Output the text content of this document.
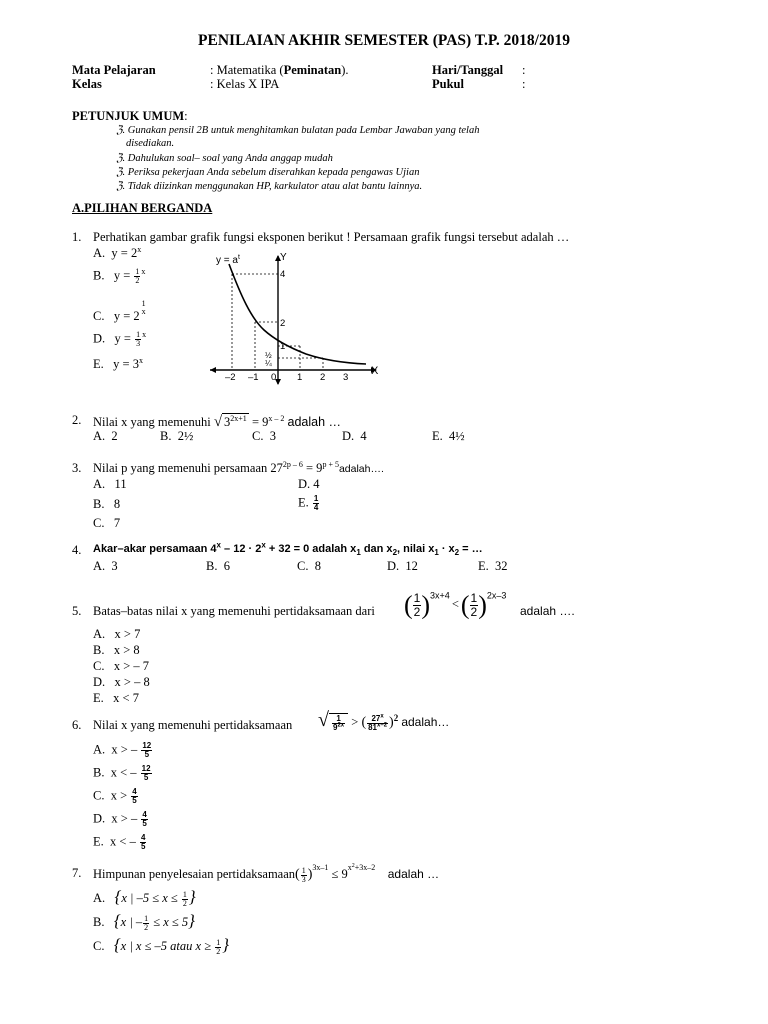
PENILAIAN AKHIR SEMESTER (PAS) T.P. 2018/2019
Mata Pelajaran	: Matematika (Peminatan).	Hari/Tanggal :
Kelas	: Kelas X IPA	Pukul	:
PETUNJUK UMUM:
ℨ. Gunakan pensil 2B untuk menghitamkan bulatan pada Lembar Jawaban yang telah
disediakan.
ℨ. Dahulukan soal– soal yang Anda anggap mudah
ℨ. Periksa pekerjaan Anda sebelum diserahkan kepada pengawas Ujian
ℨ. Tidak diizinkan menggunakan HP, karkulator atau alat bantu lainnya.
A.PILIHAN BERGANDA
1. Perhatikan gambar grafik fungsi eksponen berikut ! Persamaan grafik fungsi tersebut adalah …
A. $y = 2^x$
B. $y = \frac{1}{2} ^x$
C. y = 2
1
x
D. $y = \frac{1}{3} ^x$
E. $y = 3^x$
$y = a^t$	Y
X
4
2
1
½
¼
–2 –1 0 1 2 3
2. Nilai x yang memenuhi √ $3^{2x+1} = 9^{x - 2}$ adalah …
A. 2	B. 2½	C. 3	D. 4	E. 4½
3. Nilai p yang memenuhi persamaan $27^{2p - 6}$ = $9^{p + 5}adalah\dots$.
A. 11
B. 8
C. 7
D. 4
E. $\frac{1}{4}$
4. Akar–akar persamaan $4^x - 12 \cdot 2^x + 32 = 0$ adalah $x_1$ dan $x_2$, nilai $x_1 \cdot x_2$ = …
A. 3	B. 6	C. 8	D. 12	E. 32
5. Batas–batas nilai x yang memenuhi pertidaksamaan dari ( $\frac{1}{2} )^{3x+4}<( \frac{1}{2} )^{2x-3}$
adalah ….
A. x > 7
B. x > 8
C. x > – 7
D. x > – 8
E. x < 7
6. Nilai x yang memenuhi pertidaksamaan √ $\frac{1}{9^{2x}}$ > ( $\frac{27^x}{81^{x-2}} )^2$ adalah…
A. x > – $\frac{12}{5}$
B. x < – $\frac{12}{5}$
C. $x > \frac{4}{5}$
D. x > – $\frac{4}{5}$
E. x < – $\frac{4}{5}$
7. Himpunan penyelesaian pertidaksamaan( $\frac{1}{3} )^{3x-1} \le 9^{x^2+3x-2}$ adalah …
A. {x | $-5 \le x \le \frac{1}{2}$ }
B. {x | – $\frac{1}{2} \le x \le 5$}
C. {x | x ≤ –5 atau $x \ge \frac{1}{2}$ }
